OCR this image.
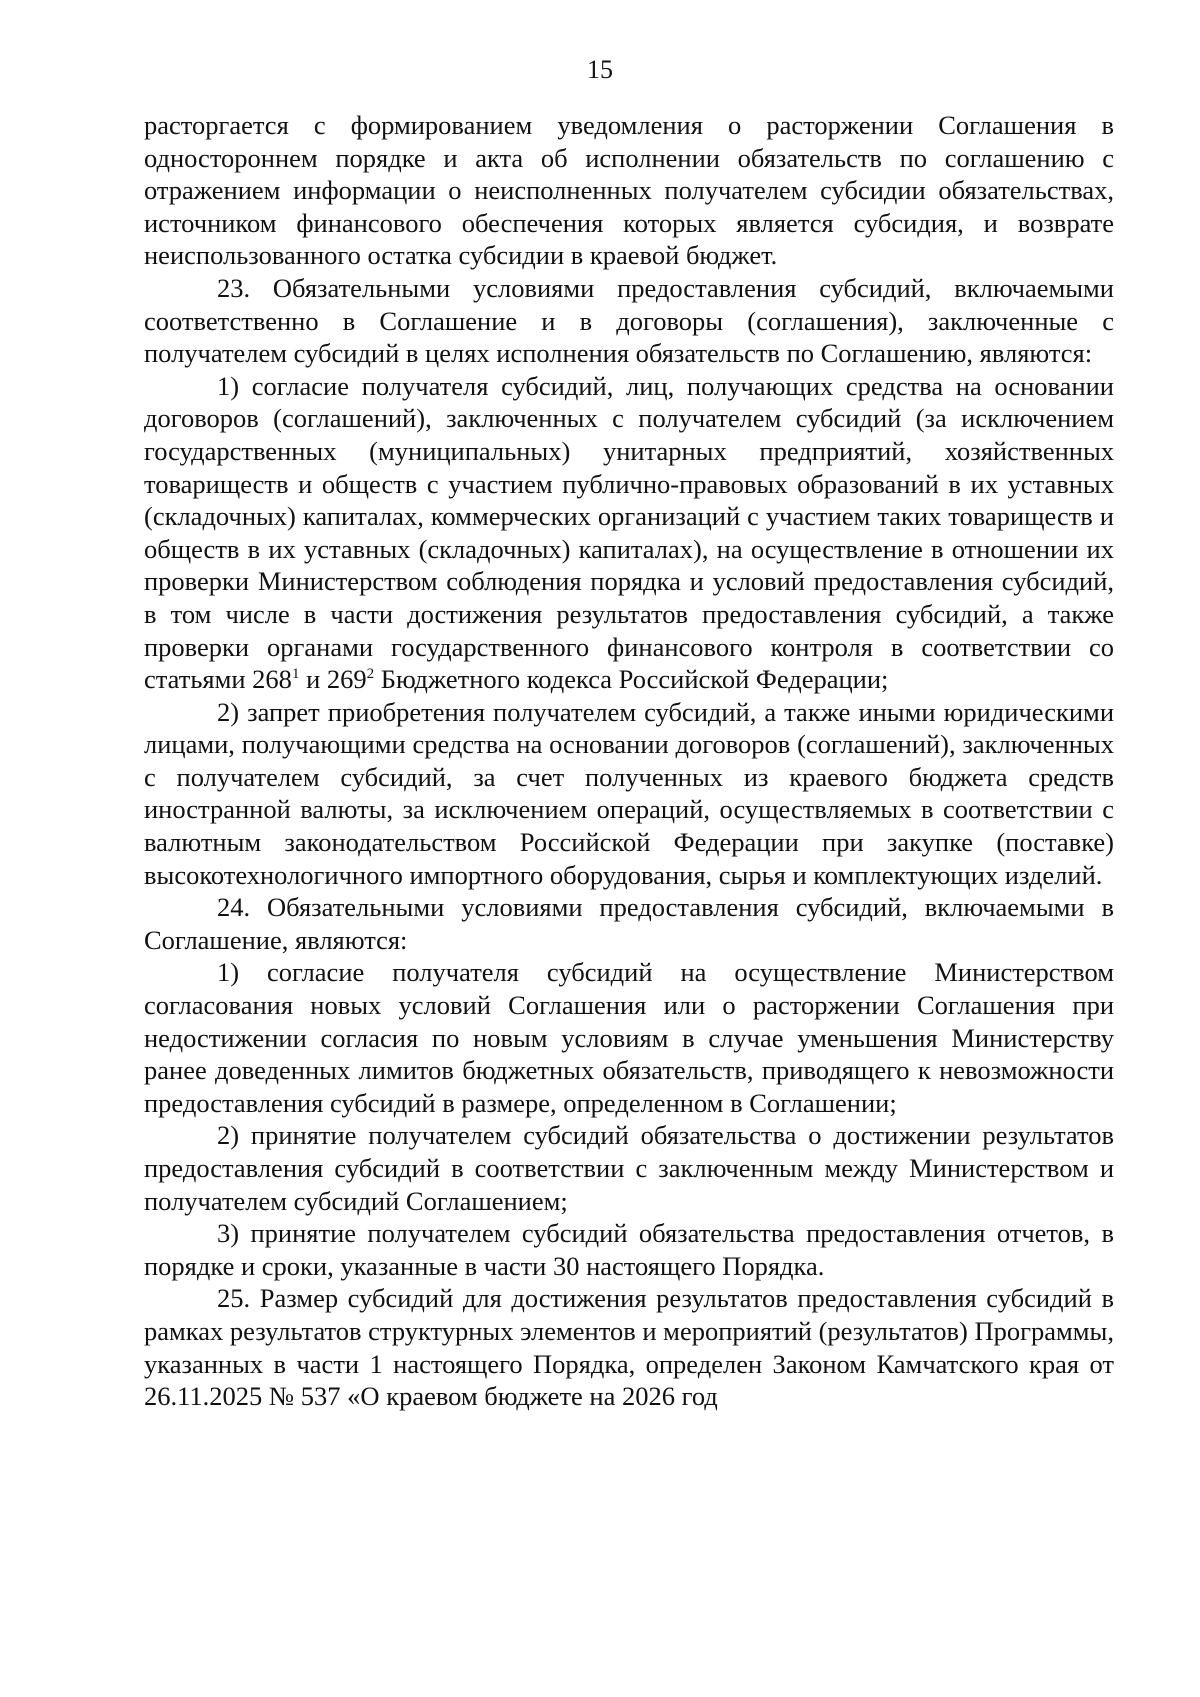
15

расторгается с формированием уведомления о расторжении Соглашения в одностороннем порядке и акта об исполнении обязательств по соглашению с отражением информации о неисполненных получателем субсидии обязательствах, источником финансового обеспечения которых является субсидия, и возврате неиспользованного остатка субсидии в краевой бюджет.

23. Обязательными условиями предоставления субсидий, включаемыми соответственно в Соглашение и в договоры (соглашения), заключенные с получателем субсидий в целях исполнения обязательств по Соглашению, являются:

1) согласие получателя субсидий, лиц, получающих средства на основании договоров (соглашений), заключенных с получателем субсидий (за исключением государственных (муниципальных) унитарных предприятий, хозяйственных товариществ и обществ с участием публично-правовых образований в их уставных (складочных) капиталах, коммерческих организаций с участием таких товариществ и обществ в их уставных (складочных) капиталах), на осуществление в отношении их проверки Министерством соблюдения порядка и условий предоставления субсидий, в том числе в части достижения результатов предоставления субсидий, а также проверки органами государственного финансового контроля в соответствии со статьями $268^1$ и $269^2$ Бюджетного кодекса Российской Федерации;

2) запрет приобретения получателем субсидий, а также иными юридическими лицами, получающими средства на основании договоров (соглашений), заключенных с получателем субсидий, за счет полученных из краевого бюджета средств иностранной валюты, за исключением операций, осуществляемых в соответствии с валютным законодательством Российской Федерации при закупке (поставке) высокотехнологичного импортного оборудования, сырья и комплектующих изделий.

24. Обязательными условиями предоставления субсидий, включаемыми в Соглашение, являются:

1) согласие получателя субсидий на осуществление Министерством согласования новых условий Соглашения или о расторжении Соглашения при недостижении согласия по новым условиям в случае уменьшения Министерству ранее доведенных лимитов бюджетных обязательств, приводящего к невозможности предоставления субсидий в размере, определенном в Соглашении;

2) принятие получателем субсидий обязательства о достижении результатов предоставления субсидий в соответствии с заключенным между Министерством и получателем субсидий Соглашением;

3) принятие получателем субсидий обязательства предоставления отчетов, в порядке и сроки, указанные в части 30 настоящего Порядка.

25. Размер субсидий для достижения результатов предоставления субсидий в рамках результатов структурных элементов и мероприятий (результатов) Программы, указанных в части 1 настоящего Порядка, определен Законом Камчатского края от 26.11.2025 № 537 «О краевом бюджете на 2026 год
